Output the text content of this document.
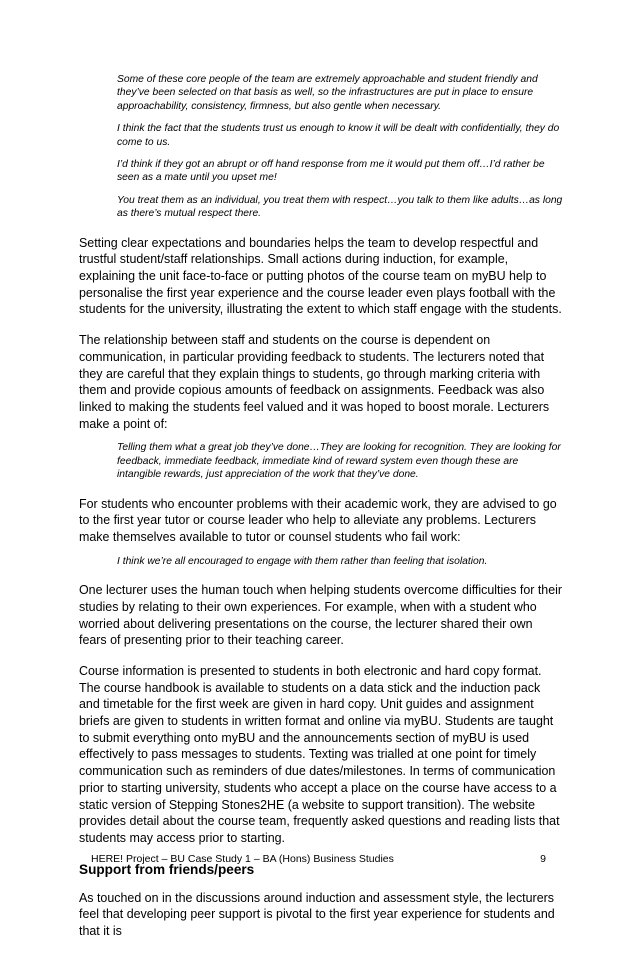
Some of these core people of the team are extremely approachable and student friendly and they’ve been selected on that basis as well, so the infrastructures are put in place to ensure approachability, consistency, firmness, but also gentle when necessary.

I think the fact that the students trust us enough to know it will be dealt with confidentially, they do come to us.

I’d think if they got an abrupt or off hand response from me it would put them off…I’d rather be seen as a mate until you upset me!

You treat them as an individual, you treat them with respect…you talk to them like adults…as long as there’s mutual respect there.

Setting clear expectations and boundaries helps the team to develop respectful and trustful student/staff relationships. Small actions during induction, for example, explaining the unit face-to-face or putting photos of the course team on myBU help to personalise the first year experience and the course leader even plays football with the students for the university, illustrating the extent to which staff engage with the students.

The relationship between staff and students on the course is dependent on communication, in particular providing feedback to students. The lecturers noted that they are careful that they explain things to students, go through marking criteria with them and provide copious amounts of feedback on assignments. Feedback was also linked to making the students feel valued and it was hoped to boost morale. Lecturers make a point of:

Telling them what a great job they’ve done…They are looking for recognition. They are looking for feedback, immediate feedback, immediate kind of reward system even though these are intangible rewards, just appreciation of the work that they’ve done.

For students who encounter problems with their academic work, they are advised to go to the first year tutor or course leader who help to alleviate any problems. Lecturers make themselves available to tutor or counsel students who fail work:

I think we’re all encouraged to engage with them rather than feeling that isolation.

One lecturer uses the human touch when helping students overcome difficulties for their studies by relating to their own experiences. For example, when with a student who worried about delivering presentations on the course, the lecturer shared their own fears of presenting prior to their teaching career.

Course information is presented to students in both electronic and hard copy format. The course handbook is available to students on a data stick and the induction pack and timetable for the first week are given in hard copy. Unit guides and assignment briefs are given to students in written format and online via myBU. Students are taught to submit everything onto myBU and the announcements section of myBU is used effectively to pass messages to students. Texting was trialled at one point for timely communication such as reminders of due dates/milestones. In terms of communication prior to starting university, students who accept a place on the course have access to a static version of Stepping Stones2HE (a website to support transition). The website provides detail about the course team, frequently asked questions and reading lists that students may access prior to starting.

Support from friends/peers

As touched on in the discussions around induction and assessment style, the lecturers feel that developing peer support is pivotal to the first year experience for students and that it is

HERE! Project – BU Case Study 1 – BA (Hons) Business Studies	9
